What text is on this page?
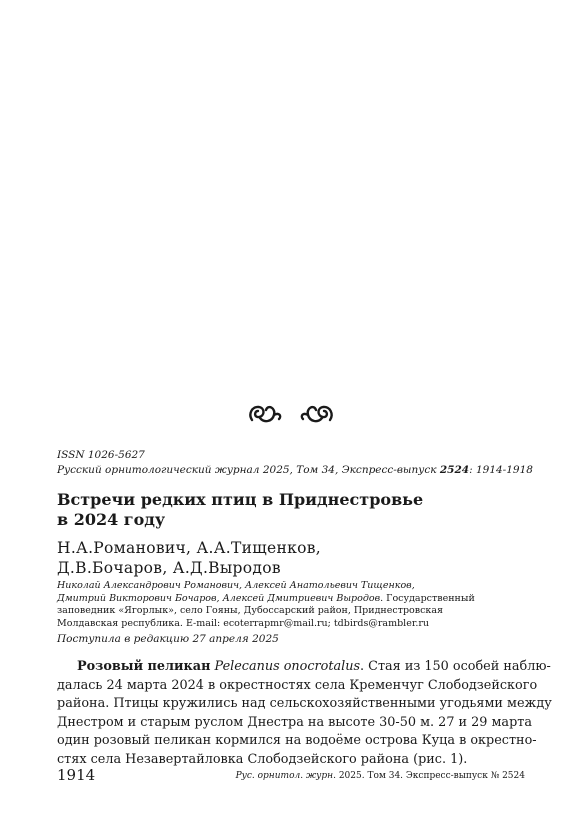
ISSN 1026-5627
Русский орнитологический журнал 2025, Том 34, Экспресс-выпуск 2524: 1914-1918
Встречи редких птиц в Приднестровье
в 2024 году
Н.А.Романович, А.А.Тищенков,
Д.В.Бочаров, А.Д.Выродов
Николай Александрович Романович, Алексей Анатольевич Тищенков,
Дмитрий Викторович Бочаров, Алексей Дмитриевич Выродов. Государственный
заповедник «Ягорлык», село Гояны, Дубоссарский район, Приднестровская
Молдавская республика. E-mail: ecoterrapmr@mail.ru; tdbirds@rambler.ru
Поступила в редакцию 27 апреля 2025
Розовый пеликан Pelecanus onocrotalus. Стая из 150 особей наблю-
далась 24 марта 2024 в окрестностях села Кременчуг Слободзейского
района. Птицы кружились над сельскохозяйственными угодьями между
Днестром и старым руслом Днестра на высоте 30-50 м. 27 и 29 марта
один розовый пеликан кормился на водоёме острова Куца в окрестно-
стях села Незавертайловка Слободзейского района (рис. 1).
1914	Рус. орнитол. журн. 2025. Том 34. Экспресс-выпуск № 2524
